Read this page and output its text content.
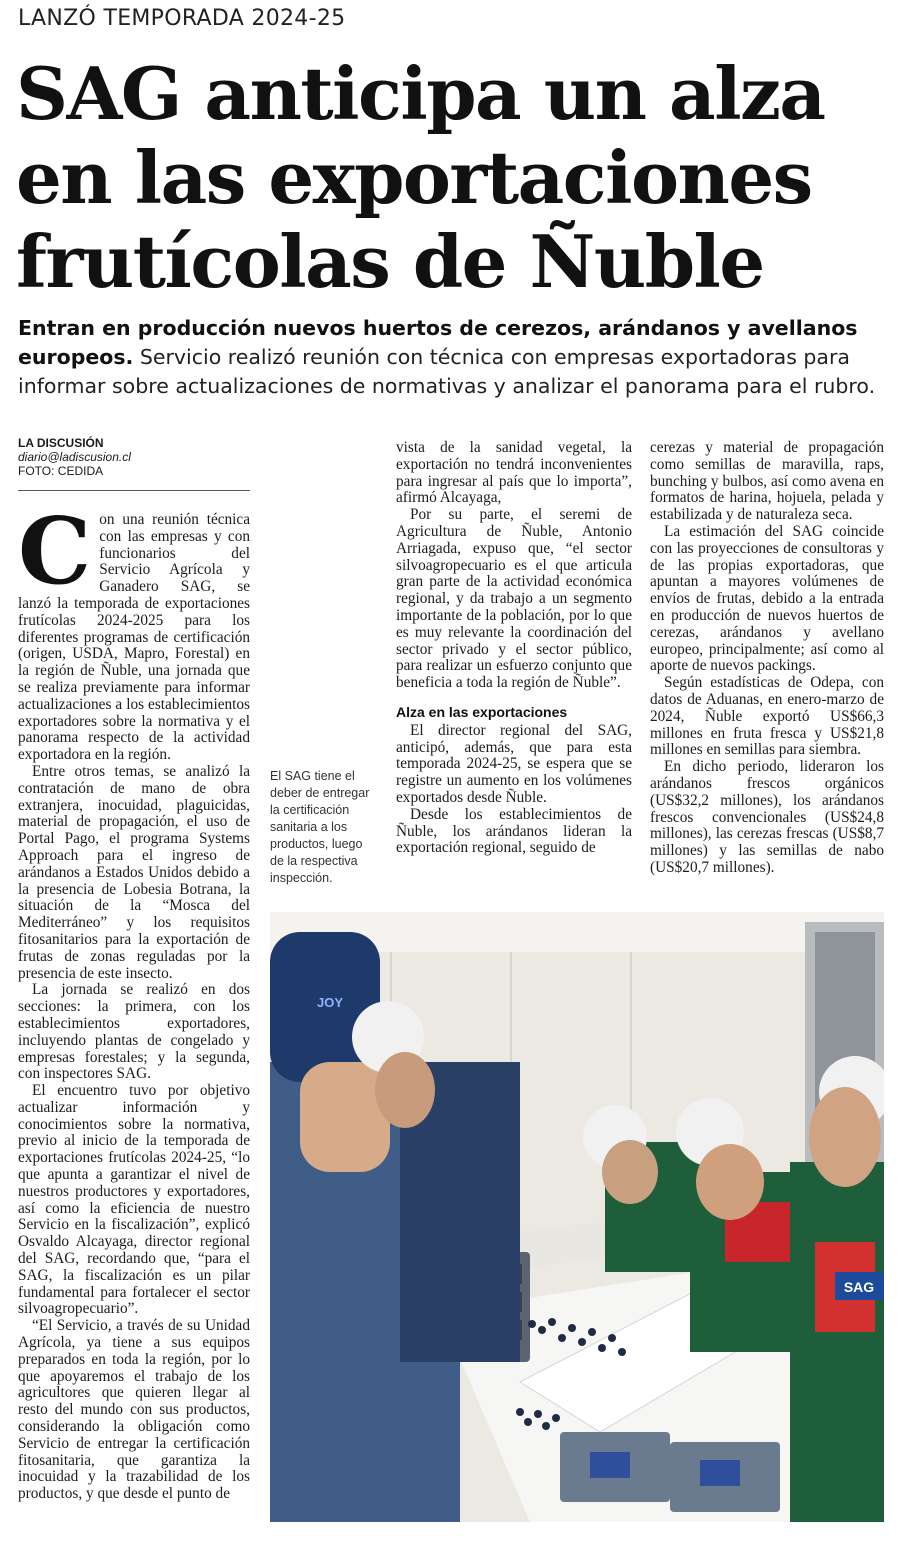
LANZÓ TEMPORADA 2024-25
SAG anticipa un alza en las exportaciones frutícolas de Ñuble

Entran en producción nuevos huertos de cerezos, arándanos y avellanos europeos. Servicio realizó reunión con técnica con empresas exportadoras para informar sobre actualizaciones de normativas y analizar el panorama para el rubro.

LA DISCUSIÓN
diario@ladiscusion.cl
FOTO: CEDIDA

Con una reunión técnica con las empresas y con funcionarios del Servicio Agrícola y Ganadero SAG, se lanzó la temporada de exportaciones frutícolas 2024-2025 para los diferentes programas de certificación (origen, USDA, Mapro, Forestal) en la región de Ñuble, una jornada que se realiza previamente para informar actualizaciones a los establecimientos exportadores sobre la normativa y el panorama respecto de la actividad exportadora en la región.

Entre otros temas, se analizó la contratación de mano de obra extranjera, inocuidad, plaguicidas, material de propagación, el uso de Portal Pago, el programa Systems Approach para el ingreso de arándanos a Estados Unidos debido a la presencia de Lobesia Botrana, la situación de la “Mosca del Mediterráneo” y los requisitos fitosanitarios para la exportación de frutas de zonas reguladas por la presencia de este insecto.

La jornada se realizó en dos secciones: la primera, con los establecimientos exportadores, incluyendo plantas de congelado y empresas forestales; y la segunda, con inspectores SAG.

El encuentro tuvo por objetivo actualizar información y conocimientos sobre la normativa, previo al inicio de la temporada de exportaciones frutícolas 2024-25, “lo que apunta a garantizar el nivel de nuestros productores y exportadores, así como la eficiencia de nuestro Servicio en la fiscalización”, explicó Osvaldo Alcayaga, director regional del SAG, recordando que, “para el SAG, la fiscalización es un pilar fundamental para fortalecer el sector silvoagropecuario”.

“El Servicio, a través de su Unidad Agrícola, ya tiene a sus equipos preparados en toda la región, por lo que apoyaremos el trabajo de los agricultores que quieren llegar al resto del mundo con sus productos, considerando la obligación como Servicio de entregar la certificación fitosanitaria, que garantiza la inocuidad y la trazabilidad de los productos, y que desde el punto de

vista de la sanidad vegetal, la exportación no tendrá inconvenientes para ingresar al país que lo importa”, afirmó Alcayaga,

Por su parte, el seremi de Agricultura de Ñuble, Antonio Arriagada, expuso que, “el sector silvoagropecuario es el que articula gran parte de la actividad económica regional, y da trabajo a un segmento importante de la población, por lo que es muy relevante la coordinación del sector privado y el sector público, para realizar un esfuerzo conjunto que beneficia a toda la región de Ñuble”.

Alza en las exportaciones

El director regional del SAG, anticipó, además, que para esta temporada 2024-25, se espera que se registre un aumento en los volúmenes exportados desde Ñuble.

Desde los establecimientos de Ñuble, los arándanos lideran la exportación regional, seguido de

cerezas y material de propagación como semillas de maravilla, raps, bunching y bulbos, así como avena en formatos de harina, hojuela, pelada y estabilizada y de naturaleza seca.

La estimación del SAG coincide con las proyecciones de consultoras y de las propias exportadoras, que apuntan a mayores volúmenes de envíos de frutas, debido a la entrada en producción de nuevos huertos de cerezas, arándanos y avellano europeo, principalmente; así como al aporte de nuevos packings.

Según estadísticas de Odepa, con datos de Aduanas, en enero-marzo de 2024, Ñuble exportó US$66,3 millones en fruta fresca y US$21,8 millones en semillas para siembra.

En dicho periodo, lideraron los arándanos frescos orgánicos (US$32,2 millones), los arándanos frescos convencionales (US$24,8 millones), las cerezas frescas (US$8,7 millones) y las semillas de nabo (US$20,7 millones).

El SAG tiene el deber de entregar la certificación sanitaria a los productos, luego de la respectiva inspección.

SAG
JOY
